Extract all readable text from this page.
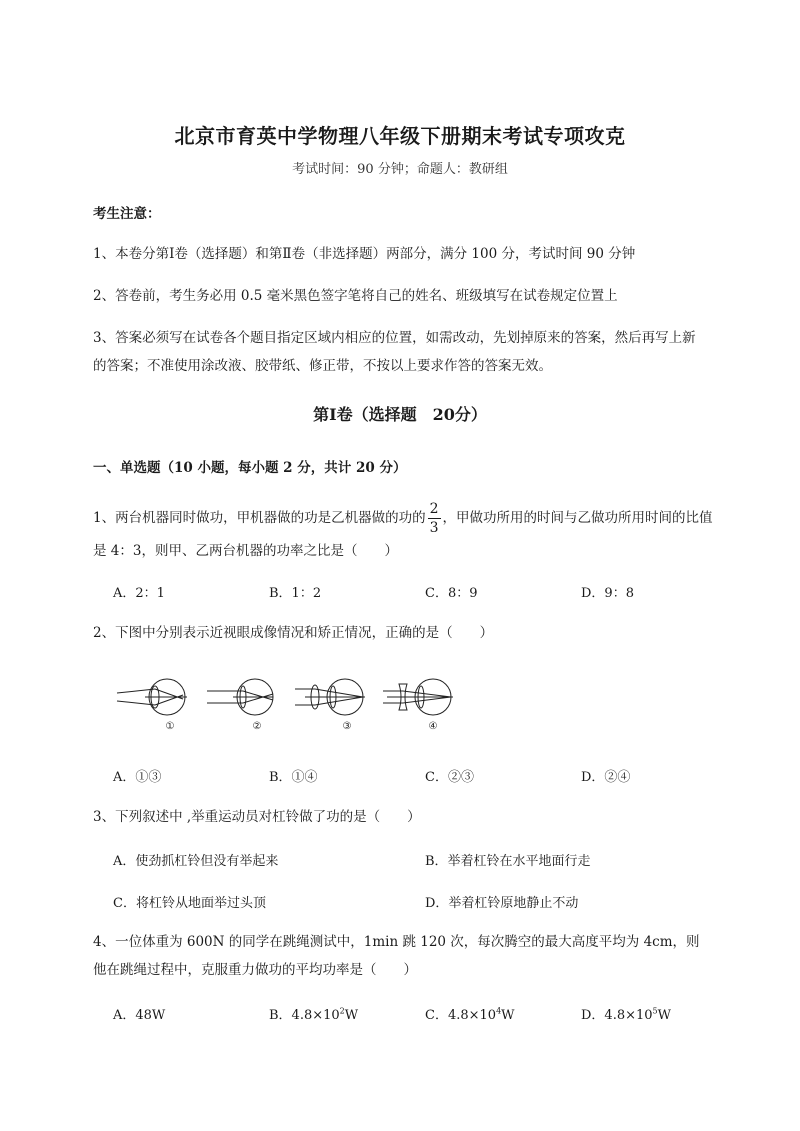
北京市育英中学物理八年级下册期末考试专项攻克
考试时间：90 分钟；命题人：教研组
考生注意：
1、本卷分第Ⅰ卷（选择题）和第Ⅱ卷（非选择题）两部分，满分 100 分，考试时间 90 分钟
2、答卷前，考生务必用 0.5 毫米黑色签字笔将自己的姓名、班级填写在试卷规定位置上
3、答案必须写在试卷各个题目指定区域内相应的位置，如需改动，先划掉原来的答案，然后再写上新的答案；不准使用涂改液、胶带纸、修正带，不按以上要求作答的答案无效。
第Ⅰ卷（选择题　20分）
一、单选题（10 小题，每小题 2 分，共计 20 分）
1、两台机器同时做功，甲机器做的功是乙机器做的功的 $\frac{2}{3}$ ，甲做功所用的时间与乙做功所用时间的比值是 4：3，则甲、乙两台机器的功率之比是（　　）
A．2：1	B．1：2	C．8：9	D．9：8
2、下图中分别表示近视眼成像情况和矫正情况，正确的是（　　）
①	②	③	④
A．①③	B．①④	C．②③	D．②④
3、下列叙述中 ,举重运动员对杠铃做了功的是（　　）
A．使劲抓杠铃但没有举起来	B．举着杠铃在水平地面行走
C．将杠铃从地面举过头顶	D．举着杠铃原地静止不动
4、一位体重为 600N 的同学在跳绳测试中，1min 跳 120 次，每次腾空的最大高度平均为 4cm，则他在跳绳过程中，克服重力做功的平均功率是（　　）
A．48W	B．$4.8\times 10^2W$	C．$4.8\times 10^4W$	D．$4.8\times 10^5W$
